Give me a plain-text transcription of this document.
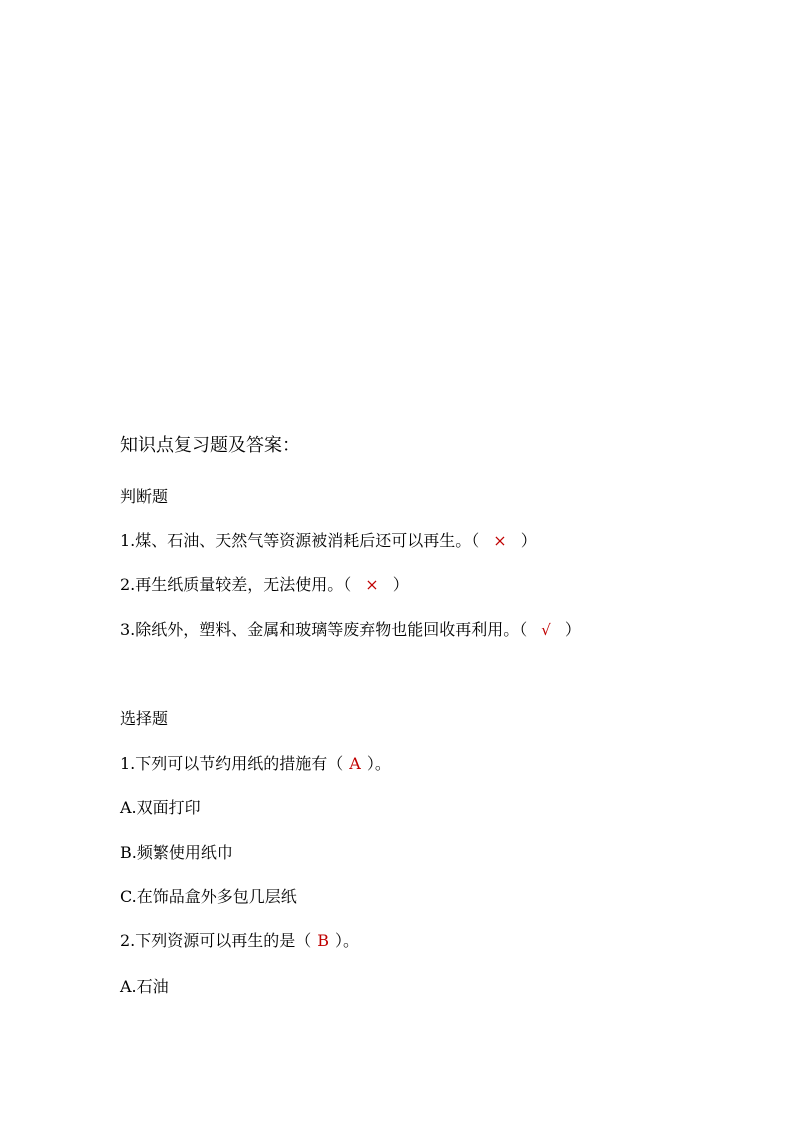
知识点复习题及答案：
判断题
1.煤、石油、天然气等资源被消耗后还可以再生。（ × ）
2.再生纸质量较差，无法使用。（ × ）
3.除纸外，塑料、金属和玻璃等废弃物也能回收再利用。（ √ ）
选择题
1.下列可以节约用纸的措施有（ A ）。
A.双面打印
B.频繁使用纸巾
C.在饰品盒外多包几层纸
2.下列资源可以再生的是（ B ）。
A.石油
